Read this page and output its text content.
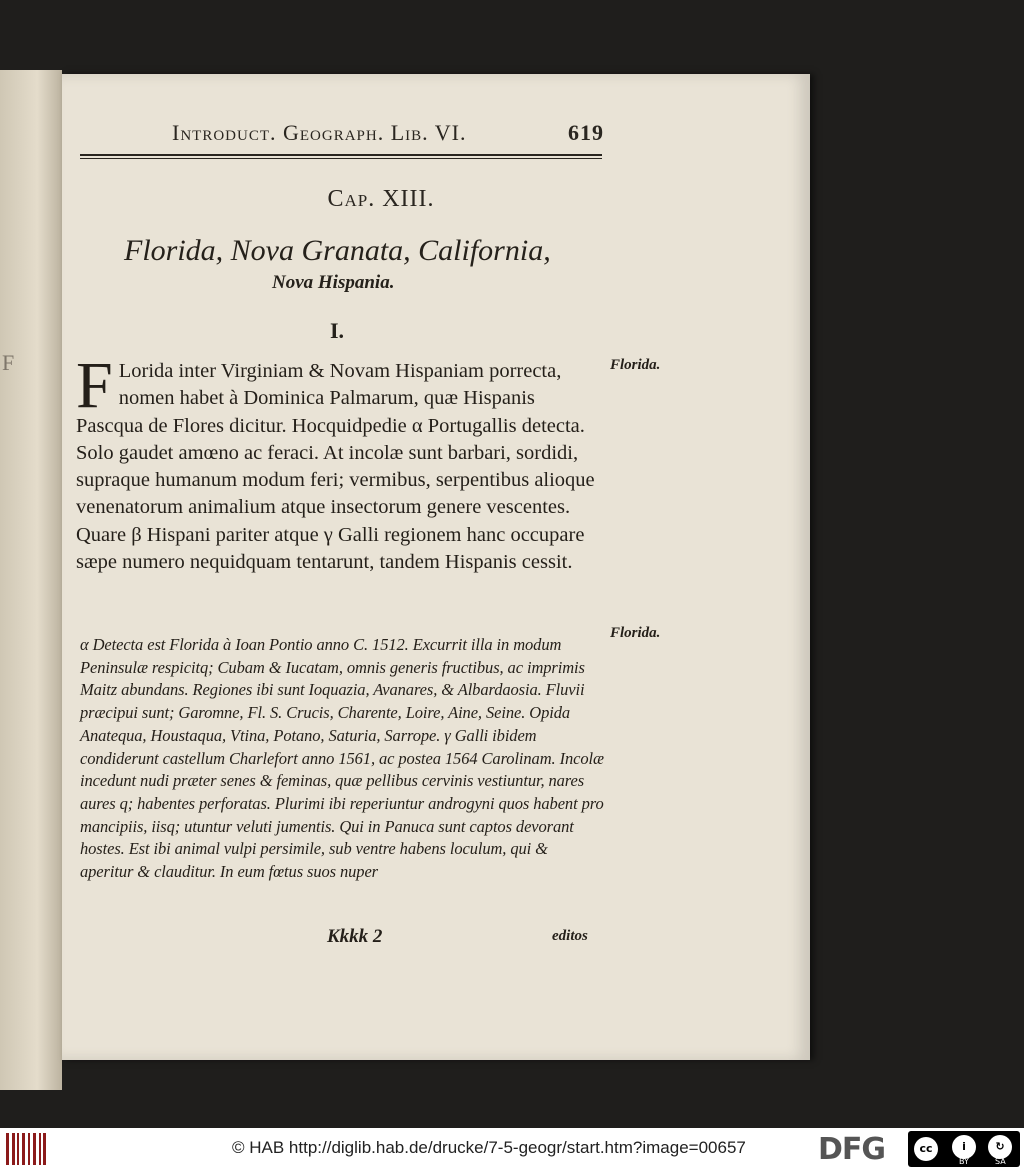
F
Introduct. Geograph. Lib. VI.	619
Cap. XIII.
Florida, Nova Granata, California,
Nova Hispania.
I.
Florida.
F Lorida inter Virginiam & Novam Hispaniam porrecta, nomen habet à Dominica Palmarum, quæ Hispanis Pascqua de Flores dicitur. Hocquidpedie α Portugallis detecta. Solo gaudet amœno ac feraci. At incolæ sunt barbari, sordidi, supraque humanum modum feri; vermibus, serpentibus alioque venenatorum animalium atque insectorum genere vescentes. Quare β Hispani pariter atque γ Galli regionem hanc occupare sæpe numero nequidquam tentarunt, tandem Hispanis cessit.
Florida.
α Detecta est Florida à Ioan Pontio anno C. 1512. Excurrit illa in modum Peninsulæ respicitq; Cubam & Iucatam, omnis generis fructibus, ac imprimis Maitz abundans. Regiones ibi sunt Ioquazia, Avanares, & Albardaosia. Fluvii præcipui sunt; Garomne, Fl. S. Crucis, Charente, Loire, Aine, Seine. Opida Anatequa, Houstaqua, Vtina, Potano, Saturia, Sarrope. γ Galli ibidem condiderunt castellum Charlefort anno 1561, ac postea 1564 Carolinam. Incolæ incedunt nudi præter senes & feminas, quæ pellibus cervinis vestiuntur, nares aures q; habentes perforatas. Plurimi ibi reperiuntur androgyni quos habent pro mancipiis, iisq; utuntur veluti jumentis. Qui in Panuca sunt captos devorant hostes. Est ibi animal vulpi persimile, sub ventre habens loculum, qui & aperitur & clauditur. In eum fœtus suos nuper
Kkkk 2	editos
© HAB http://diglib.hab.de/drucke/7-5-geogr/start.htm?image=00657 DFG	cc	i	↻
BY	SA
